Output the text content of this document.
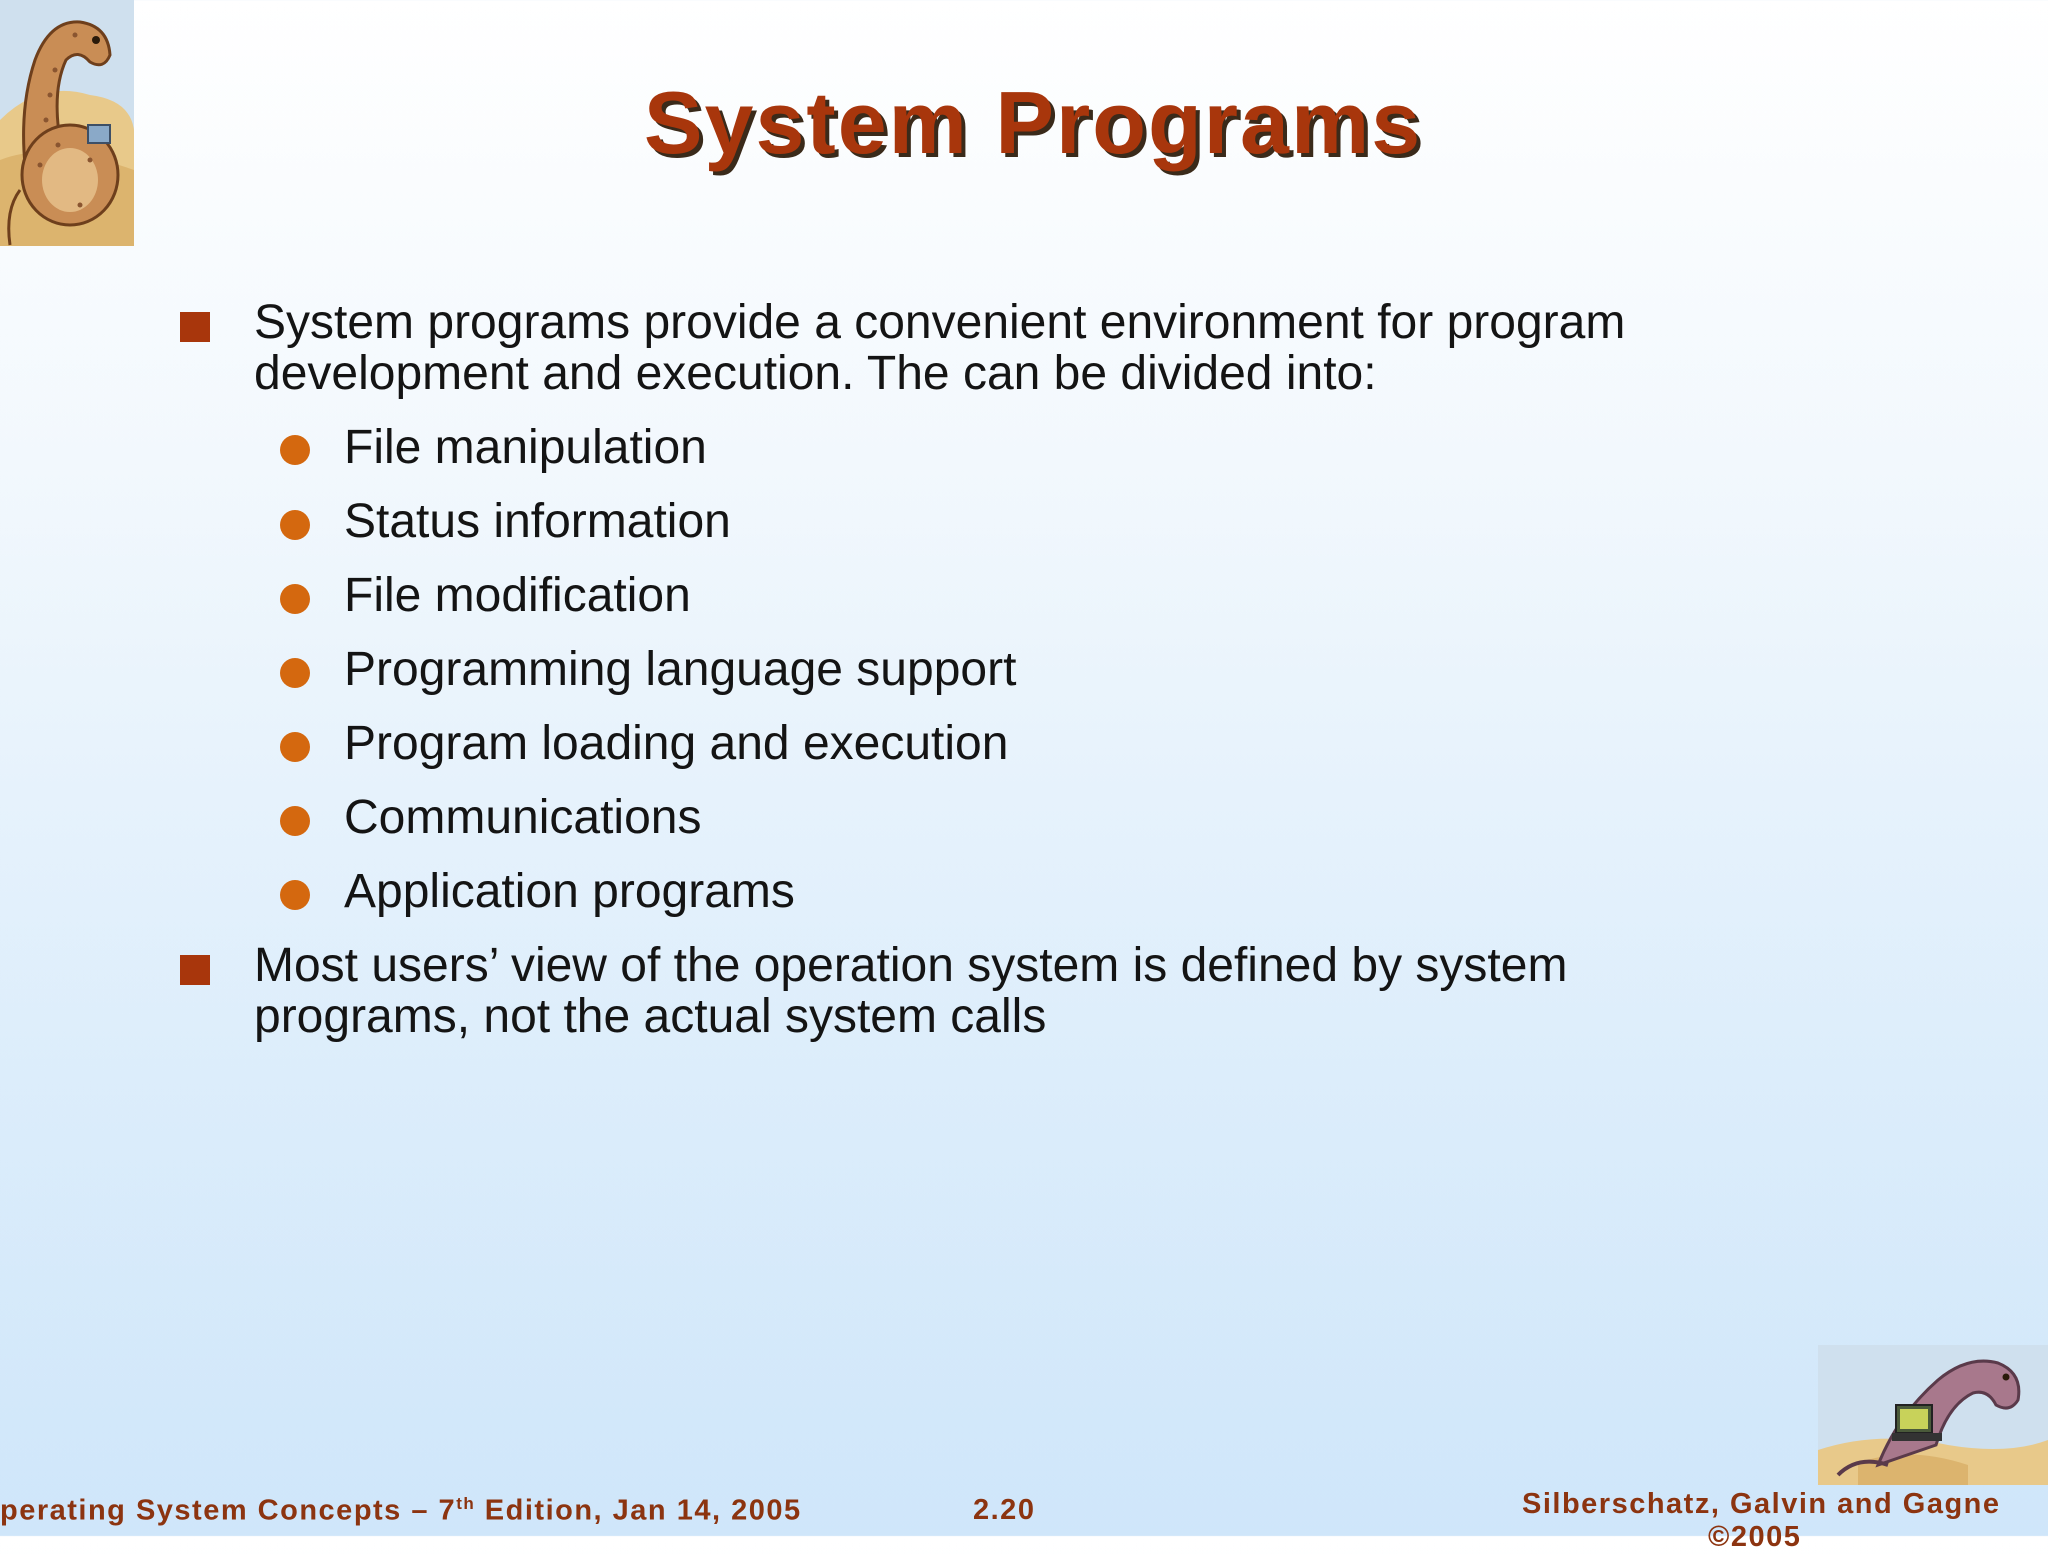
System Programs
System programs provide a convenient environment for program
development and execution. The can be divided into:
File manipulation
Status information
File modification
Programming language support
Program loading and execution
Communications
Application programs
Most users’ view of the operation system is defined by system
programs, not the actual system calls
perating System Concepts – 7th Edition, Jan 14, 2005	2.20	Silberschatz, Galvin and Gagne
©2005
